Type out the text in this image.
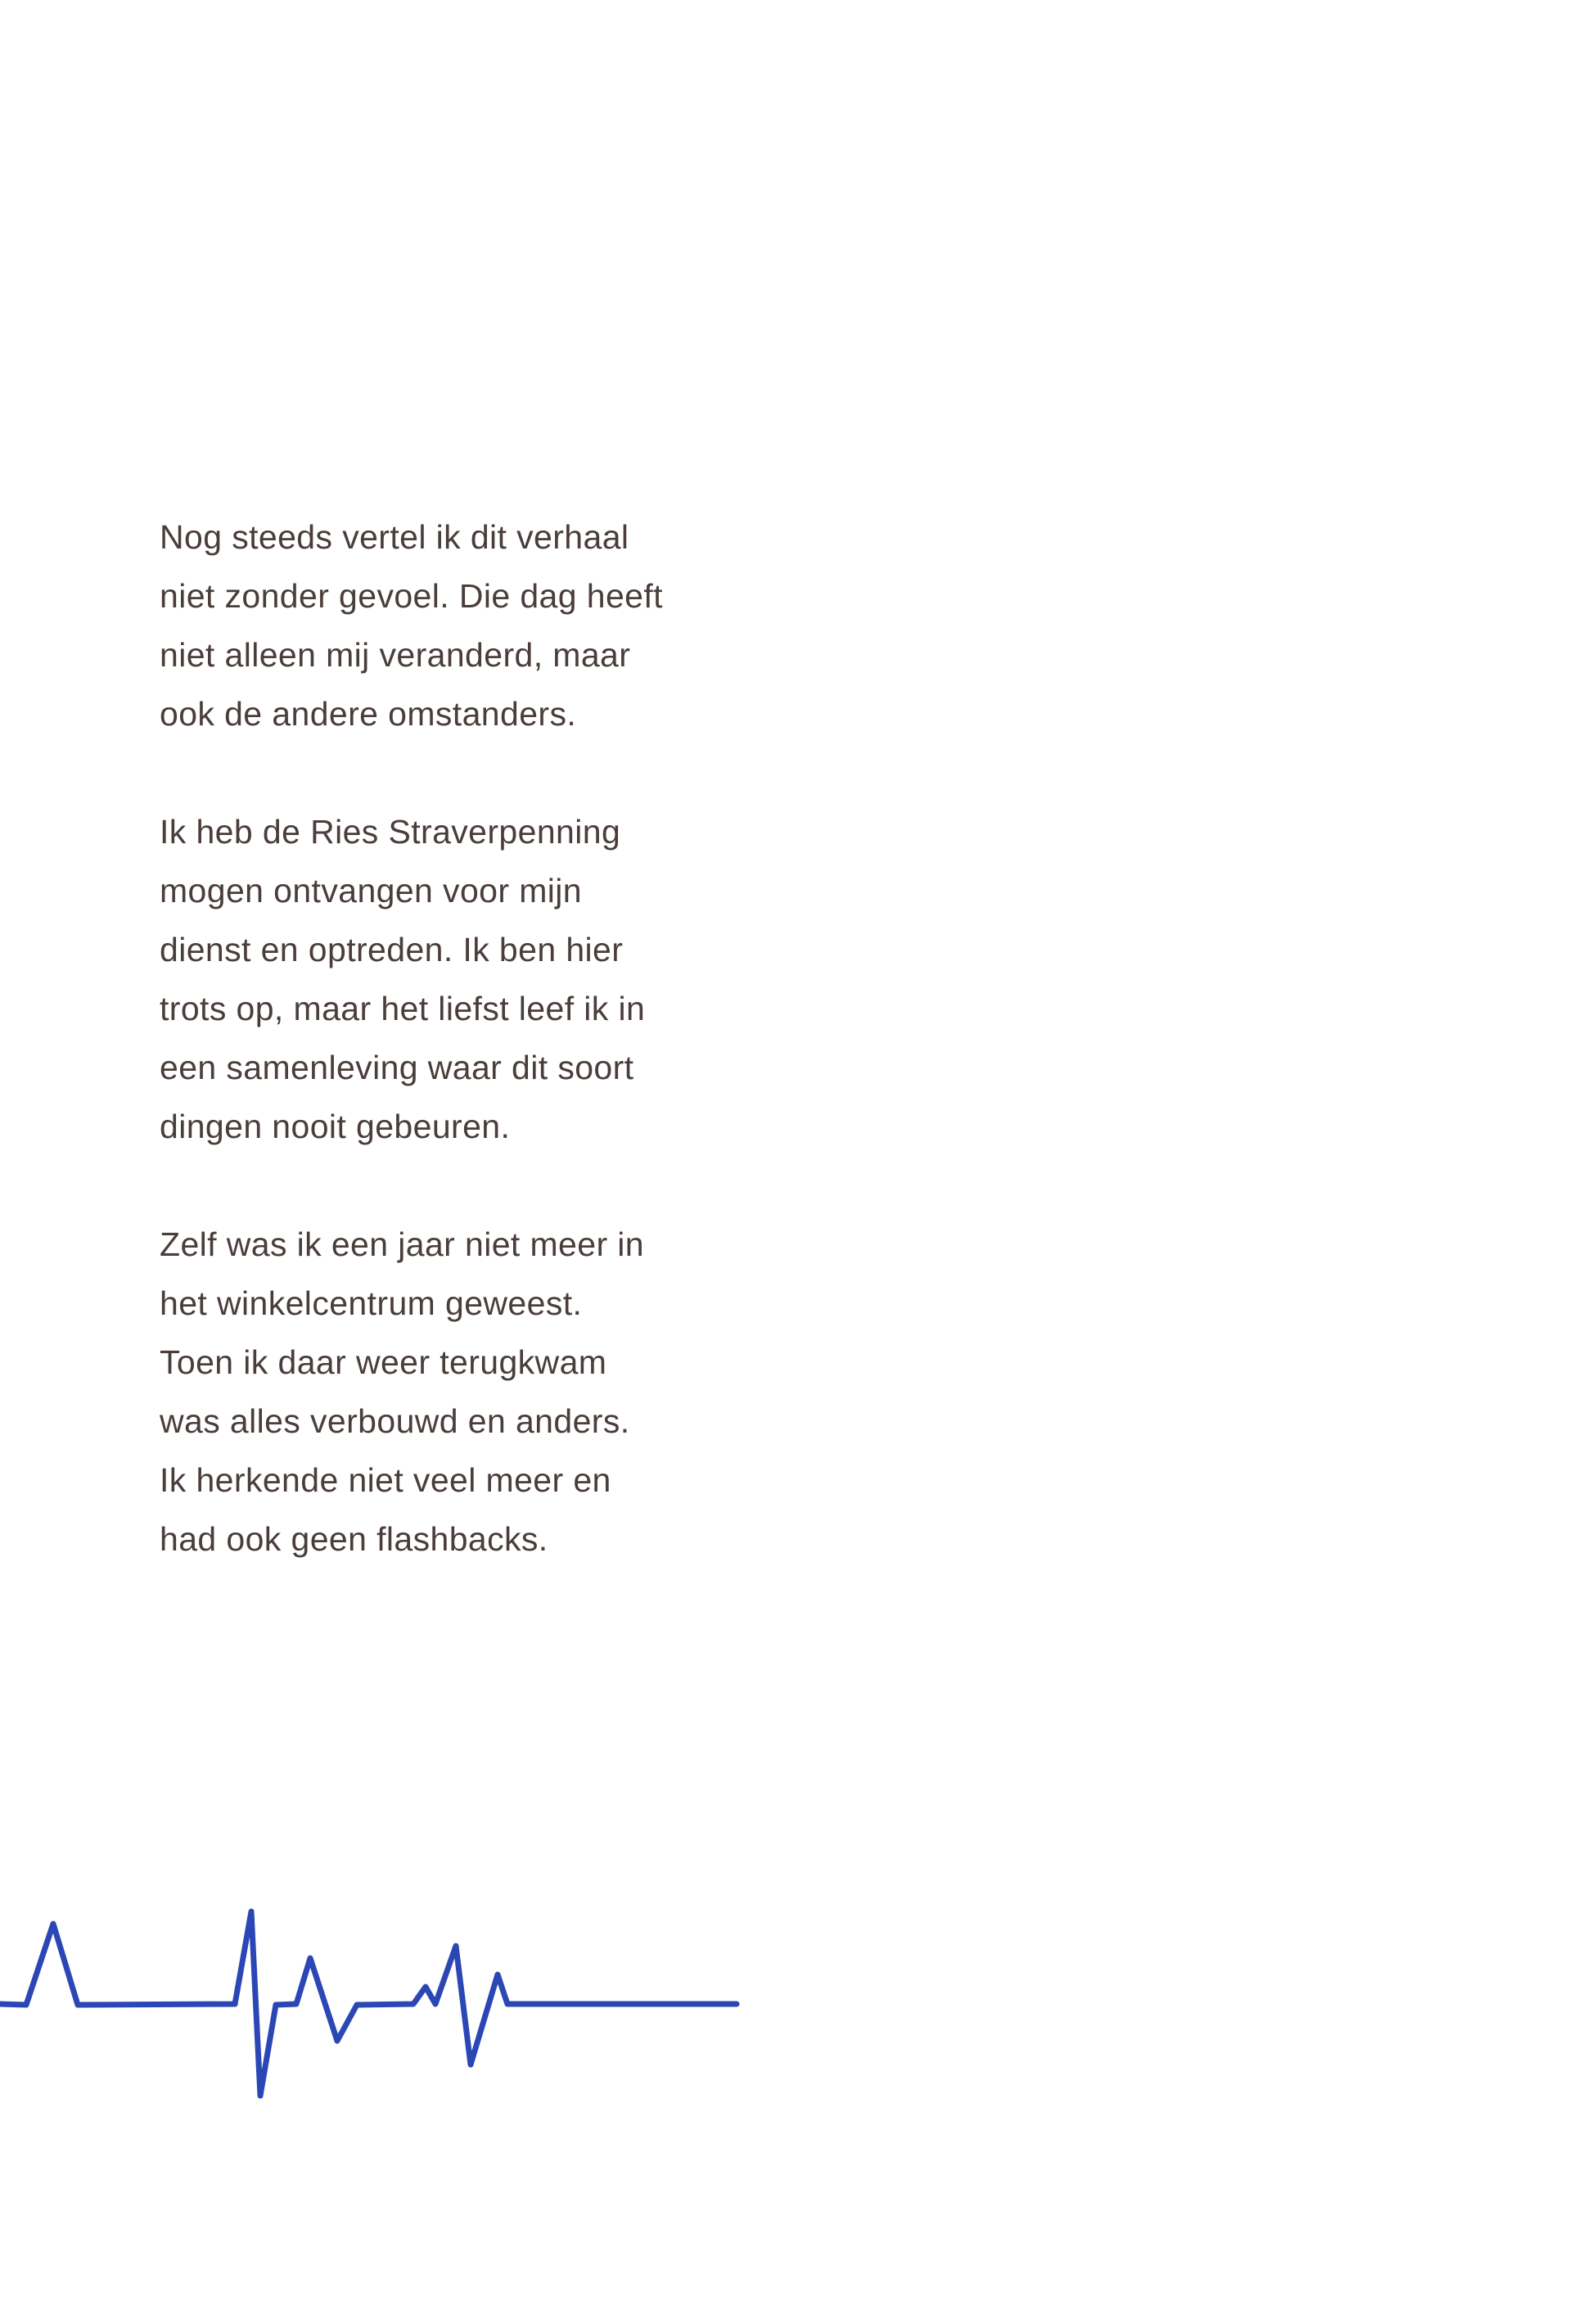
Nog steeds vertel ik dit verhaal
niet zonder gevoel. Die dag heeft
niet alleen mij veranderd, maar
ook de andere omstanders.

Ik heb de Ries Straverpenning
mogen ontvangen voor mijn
dienst en optreden. Ik ben hier
trots op, maar het liefst leef ik in
een samenleving waar dit soort
dingen nooit gebeuren.

Zelf was ik een jaar niet meer in
het winkelcentrum geweest.
Toen ik daar weer terugkwam
was alles verbouwd en anders.
Ik herkende niet veel meer en
had ook geen flashbacks.
